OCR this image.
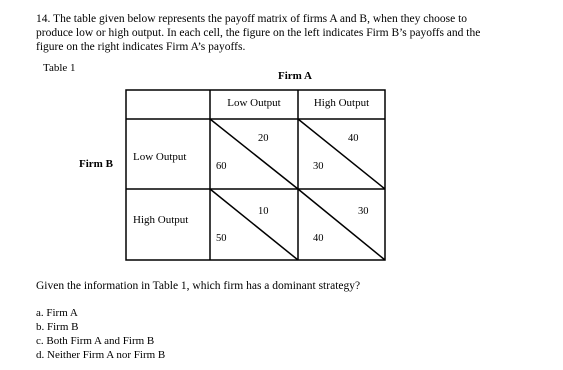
14. The table given below represents the payoff matrix of firms A and B, when they choose to
produce low or high output. In each cell, the figure on the left indicates Firm B’s payoffs and the
figure on the right indicates Firm A’s payoffs.
Table 1
Firm A
Firm B
Low Output	High Output
Low Output
High Output
60
20
30
40
50
10
40
30
Given the information in Table 1, which firm has a dominant strategy?
a. Firm A
b. Firm B
c. Both Firm A and Firm B
d. Neither Firm A nor Firm B
